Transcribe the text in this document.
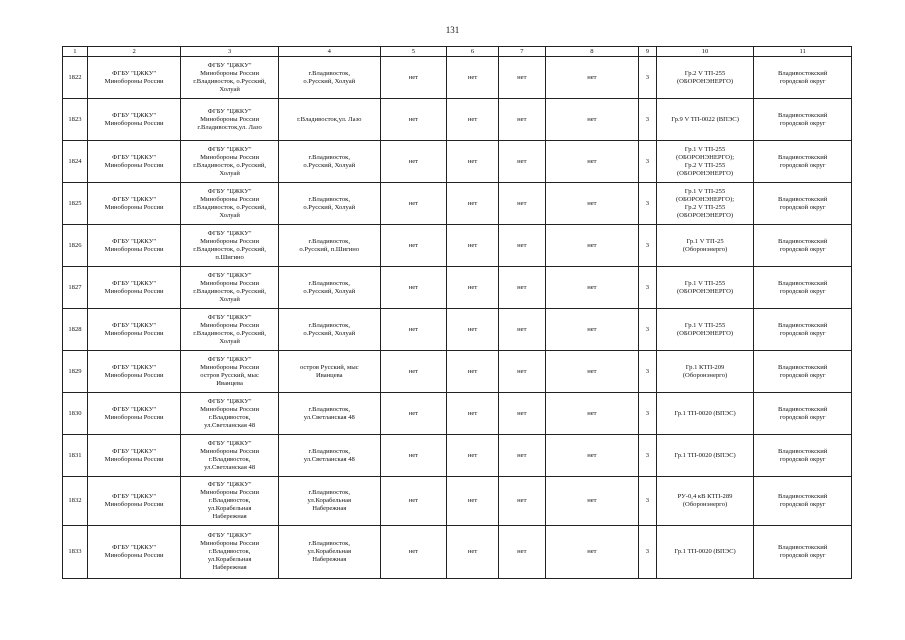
131
1	2	3	4	5	6	7	8	9	10	11
1822	ФГБУ "ЦЖКУ"
Минобороны России	ФГБУ "ЦЖКУ"
Минобороны России
г.Владивосток, о.Русский,
Холуай	г.Владивосток,
о.Русский, Холуай	нет	нет	нет	нет	3	Гр.2 V ТП-255
(ОБОРОНЭНЕРГО)	Владивостокский
городской округ

1823	ФГБУ "ЦЖКУ"
Минобороны России	ФГБУ "ЦЖКУ"
Минобороны России
г.Владивосток,ул. Лазо	г.Владивосток,ул. Лазо	нет	нет	нет	нет	3	Гр.9 V ТП-0022 (ВПЭС)	Владивостокский
городской округ

1824	ФГБУ "ЦЖКУ"
Минобороны России	ФГБУ "ЦЖКУ"
Минобороны России
г.Владивосток, о.Русский,
Холуай	г.Владивосток,
о.Русский, Холуай	нет	нет	нет	нет	3	Гр.1 V ТП-255
(ОБОРОНЭНЕРГО);
Гр.2 V ТП-255
(ОБОРОНЭНЕРГО)	Владивостокский
городской округ

1825	ФГБУ "ЦЖКУ"
Минобороны России	ФГБУ "ЦЖКУ"
Минобороны России
г.Владивосток, о.Русский,
Холуай	г.Владивосток,
о.Русский, Холуай	нет	нет	нет	нет	3	Гр.1 V ТП-255
(ОБОРОНЭНЕРГО);
Гр.2 V ТП-255
(ОБОРОНЭНЕРГО)	Владивостокский
городской округ

1826	ФГБУ "ЦЖКУ"
Минобороны России	ФГБУ "ЦЖКУ"
Минобороны России
г.Владивосток, о.Русский,
п.Шигино	г.Владивосток,
о.Русский, п.Шигино	нет	нет	нет	нет	3	Гр.1 V ТП-25
(Оборонэнерго)	Владивостокский
городской округ

1827	ФГБУ "ЦЖКУ"
Минобороны России	ФГБУ "ЦЖКУ"
Минобороны России
г.Владивосток, о.Русский,
Холуай	г.Владивосток,
о.Русский, Холуай	нет	нет	нет	нет	3	Гр.1 V ТП-255
(ОБОРОНЭНЕРГО)	Владивостокский
городской округ

1828	ФГБУ "ЦЖКУ"
Минобороны России	ФГБУ "ЦЖКУ"
Минобороны России
г.Владивосток, о.Русский,
Холуай	г.Владивосток,
о.Русский, Холуай	нет	нет	нет	нет	3	Гр.1 V ТП-255
(ОБОРОНЭНЕРГО)	Владивостокский
городской округ

1829	ФГБУ "ЦЖКУ"
Минобороны России	ФГБУ "ЦЖКУ"
Минобороны России
остров Русский, мыс
Иванцева	остров Русский, мыс
Иванцева	нет	нет	нет	нет	3	Гр.1 КТП-209
(Оборонэнерго)	Владивостокский
городской округ

1830	ФГБУ "ЦЖКУ"
Минобороны России	ФГБУ "ЦЖКУ"
Минобороны России
г.Владивосток,
ул.Светланская 48	г.Владивосток,
ул.Светланская 48	нет	нет	нет	нет	3	Гр.1 ТП-0020 (ВПЭС)	Владивостокский
городской округ

1831	ФГБУ "ЦЖКУ"
Минобороны России	ФГБУ "ЦЖКУ"
Минобороны России
г.Владивосток,
ул.Светланская 48	г.Владивосток,
ул.Светланская 48	нет	нет	нет	нет	3	Гр.1 ТП-0020 (ВПЭС)	Владивостокский
городской округ

1832	ФГБУ "ЦЖКУ"
Минобороны России	ФГБУ "ЦЖКУ"
Минобороны России
г.Владивосток,
ул.Корабельная
Набережная	г.Владивосток,
ул.Корабельная
Набережная	нет	нет	нет	нет	3	РУ-0,4 кВ КТП-289
(Оборонэнерго)	Владивостокский
городской округ

1833	ФГБУ "ЦЖКУ"
Минобороны России	ФГБУ "ЦЖКУ"
Минобороны России
г.Владивосток,
ул.Корабельная
Набережная	г.Владивосток,
ул.Корабельная
Набережная	нет	нет	нет	нет	3	Гр.1 ТП-0020 (ВПЭС)	Владивостокский
городской округ
